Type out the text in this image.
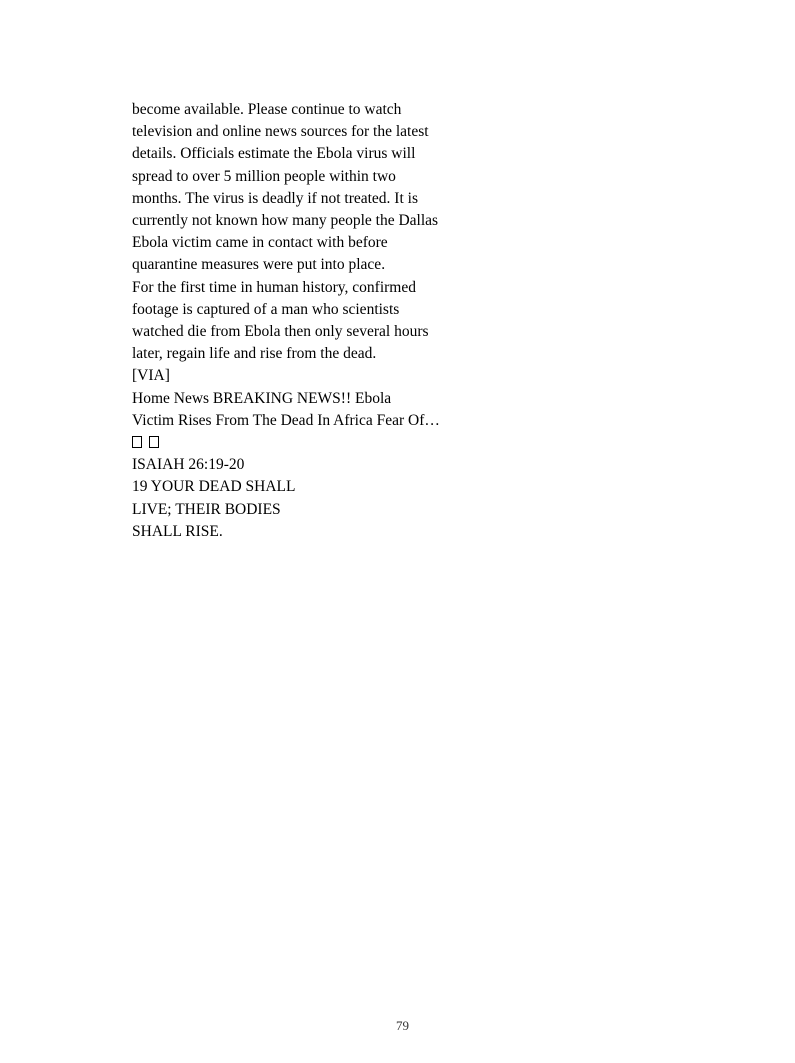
become available. Please continue to watch
television and online news sources for the latest
details. Officials estimate the Ebola virus will
spread to over 5 million people within two
months. The virus is deadly if not treated. It is
currently not known how many people the Dallas
Ebola victim came in contact with before
quarantine measures were put into place.
For the first time in human history, confirmed
footage is captured of a man who scientists
watched die from Ebola then only several hours
later, regain life and rise from the dead.
[VIA]
Home News BREAKING NEWS!! Ebola
Victim Rises From The Dead In Africa Fear Of…
ISAIAH 26:19-20
19 YOUR DEAD SHALL
LIVE; THEIR BODIES
SHALL RISE.
79
